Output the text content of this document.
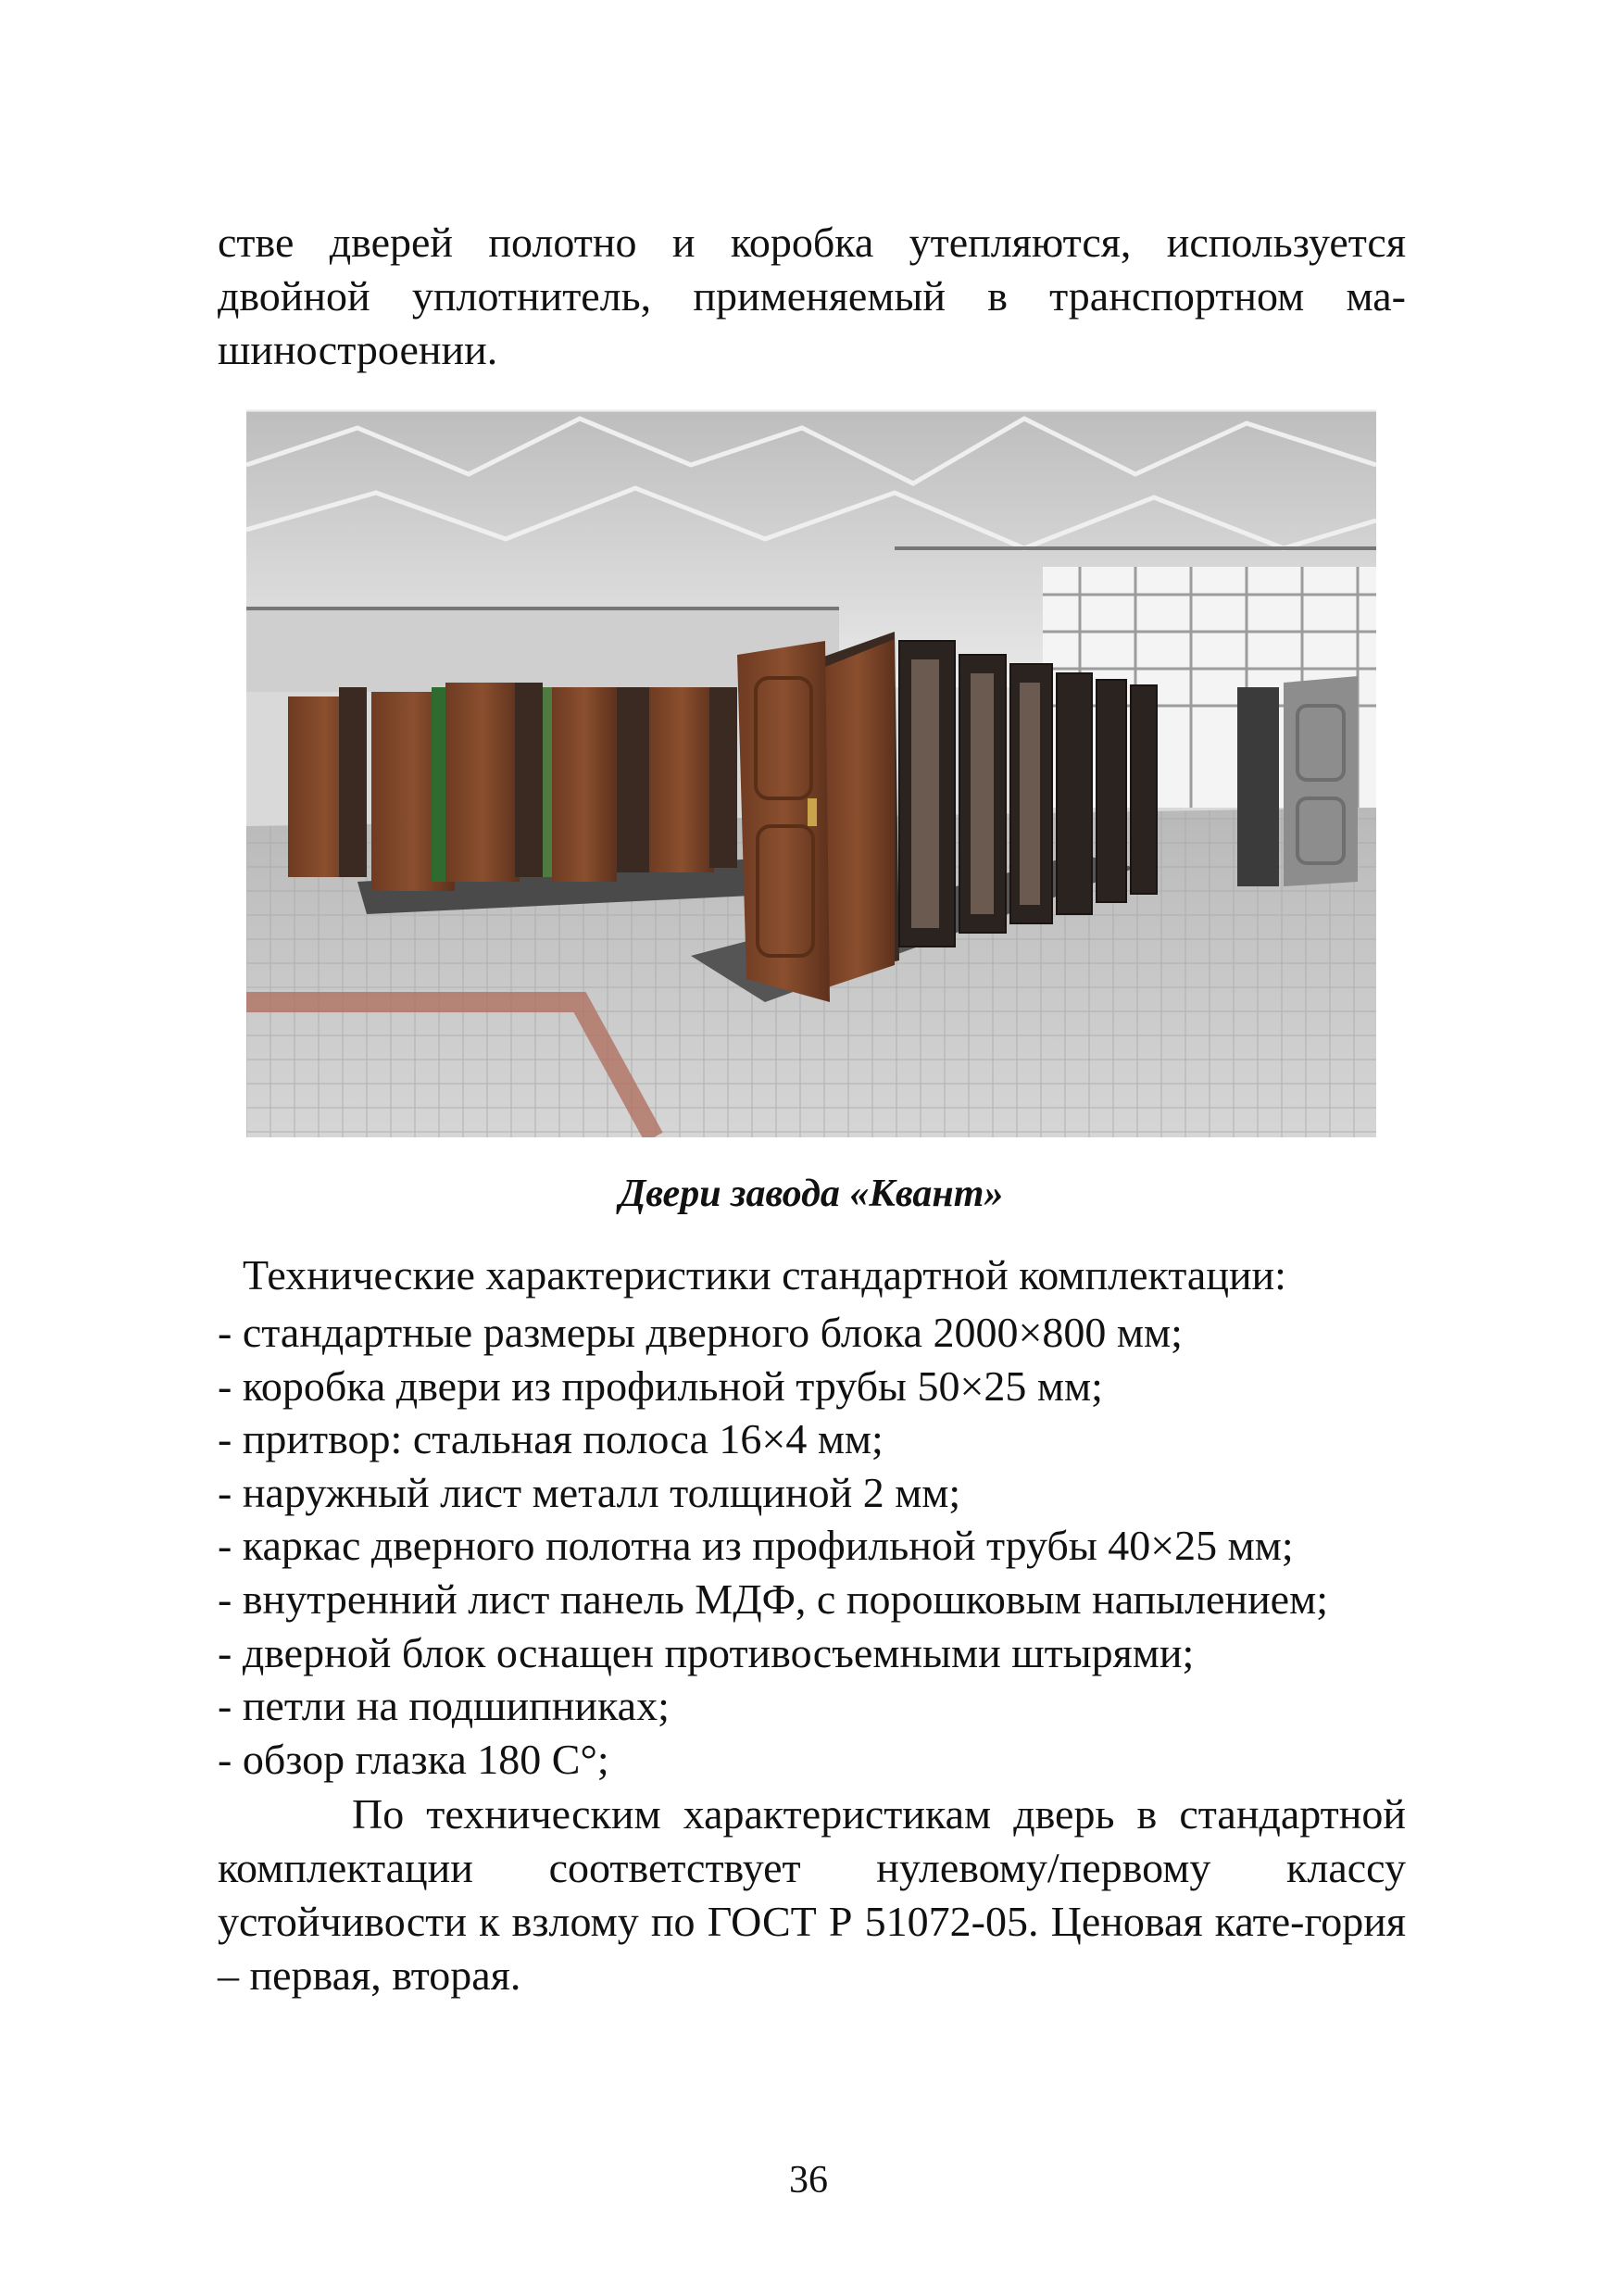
стве дверей полотно и коробка утепляются, используется двойной уплотнитель, применяемый в транспортном ма-шиностроении.

Двери завода «Квант»
Технические характеристики стандартной комплектации:
- стандартные размеры дверного блока 2000×800 мм;
- коробка двери из профильной трубы 50×25 мм;
- притвор: стальная полоса 16×4 мм;
- наружный лист металл толщиной 2 мм;
- каркас дверного полотна из профильной трубы 40×25 мм;
- внутренний лист панель МДФ, с порошковым напылением;
- дверной блок оснащен противосъемными штырями;
- петли на подшипниках;
- обзор глазка 180 С°;

По техническим характеристикам дверь в стандартной комплектации соответствует нулевому/первому классу устойчивости к взлому по ГОСТ Р 51072-05. Ценовая кате-гория – первая, вторая.

36
